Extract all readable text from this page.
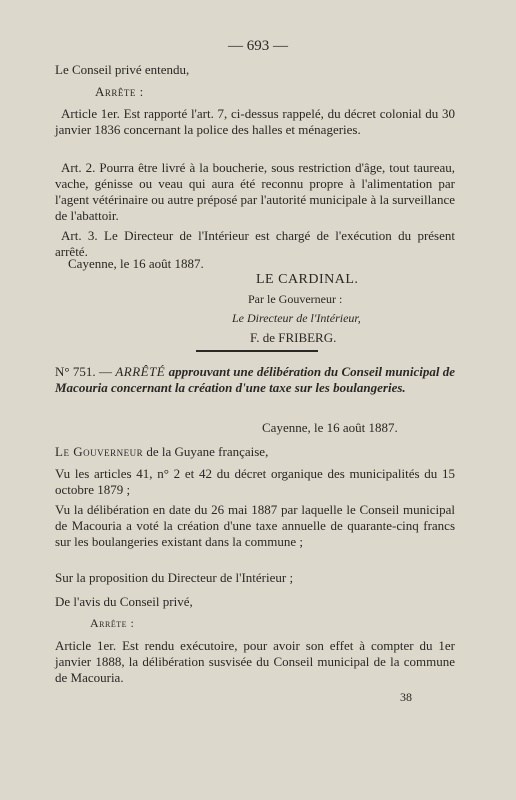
— 693 —
Le Conseil privé entendu,
Arrête :
Article 1er. Est rapporté l'art. 7, ci-dessus rappelé, du décret colonial du 30 janvier 1836 concernant la police des halles et ménageries.
Art. 2. Pourra être livré à la boucherie, sous restriction d'âge, tout taureau, vache, génisse ou veau qui aura été reconnu propre à l'alimentation par l'agent vétérinaire ou autre préposé par l'autorité municipale à la surveillance de l'abattoir.
Art. 3. Le Directeur de l'Intérieur est chargé de l'exécution du présent arrêté.
Cayenne, le 16 août 1887.
LE CARDINAL.
Par le Gouverneur :
Le Directeur de l'Intérieur,
F. de FRIBERG.
N° 751. — ARRÊTÉ approuvant une délibération du Conseil municipal de Macouria concernant la création d'une taxe sur les boulangeries.
Cayenne, le 16 août 1887.
Le Gouverneur de la Guyane française,
Vu les articles 41, n° 2 et 42 du décret organique des municipalités du 15 octobre 1879 ;
Vu la délibération en date du 26 mai 1887 par laquelle le Conseil municipal de Macouria a voté la création d'une taxe annuelle de quarante-cinq francs sur les boulangeries existant dans la commune ;
Sur la proposition du Directeur de l'Intérieur ;
De l'avis du Conseil privé,
Arrête :
Article 1er. Est rendu exécutoire, pour avoir son effet à compter du 1er janvier 1888, la délibération susvisée du Conseil municipal de la commune de Macouria.
38
